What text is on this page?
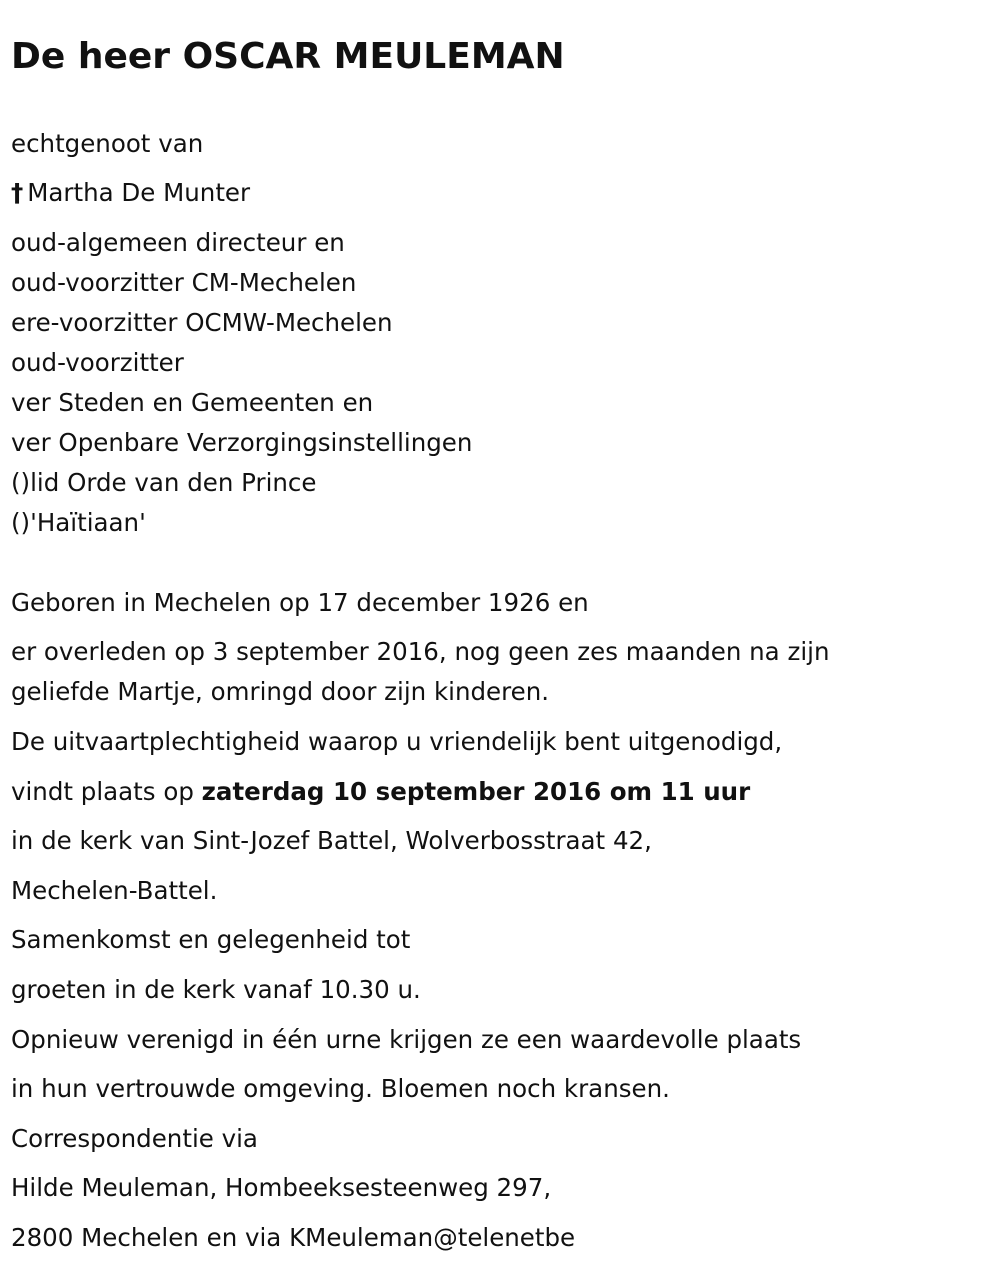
De heer OSCAR MEULEMAN

echtgenoot van

† Martha De Munter

oud-algemeen directeur en

oud-voorzitter CM-Mechelen

ere-voorzitter OCMW-Mechelen

oud-voorzitter

ver Steden en Gemeenten en

ver Openbare Verzorgingsinstellingen

()lid Orde van den Prince

()'Haïtiaan'

Geboren in Mechelen op 17 december 1926 en

er overleden op 3 september 2016, nog geen zes maanden na zijn

geliefde Martje, omringd door zijn kinderen.

De uitvaartplechtigheid waarop u vriendelijk bent uitgenodigd,

vindt plaats op zaterdag 10 september 2016 om 11 uur

in de kerk van Sint-Jozef Battel, Wolverbosstraat 42,

Mechelen-Battel.

Samenkomst en gelegenheid tot

groeten in de kerk vanaf 10.30 u.

Opnieuw verenigd in één urne krijgen ze een waardevolle plaats

in hun vertrouwde omgeving. Bloemen noch kransen.

Correspondentie via

Hilde Meuleman, Hombeeksesteenweg 297,

2800 Mechelen en via KMeuleman@telenetbe
